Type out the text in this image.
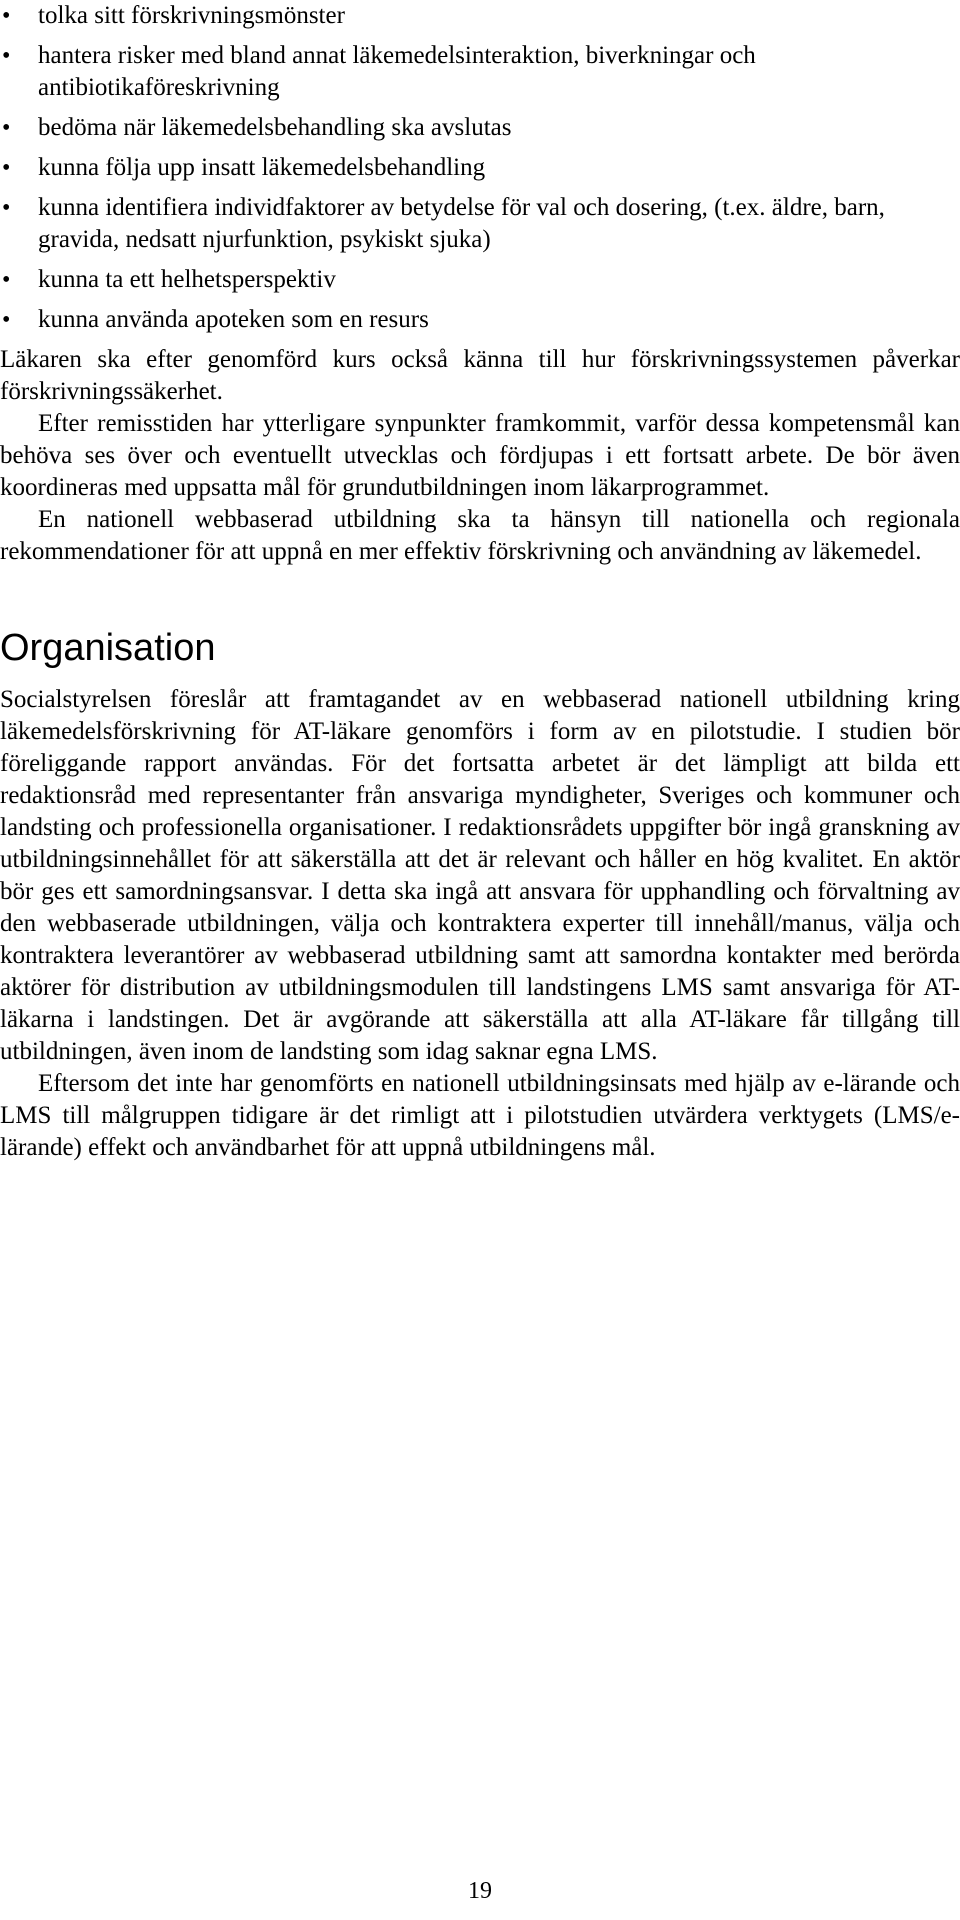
• tolka sitt förskrivningsmönster
• hantera risker med bland annat läkemedelsinteraktion, biverkningar och antibiotikaföreskrivning
• bedöma när läkemedelsbehandling ska avslutas
• kunna följa upp insatt läkemedelsbehandling
• kunna identifiera individfaktorer av betydelse för val och dosering, (t.ex. äldre, barn, gravida, nedsatt njurfunktion, psykiskt sjuka)
• kunna ta ett helhetsperspektiv
• kunna använda apoteken som en resurs

Läkaren ska efter genomförd kurs också känna till hur förskrivningssystemen påverkar förskrivningssäkerhet.

Efter remisstiden har ytterligare synpunkter framkommit, varför dessa kompetensmål kan behöva ses över och eventuellt utvecklas och fördjupas i ett fortsatt arbete. De bör även koordineras med uppsatta mål för grundutbildningen inom läkarprogrammet.

En nationell webbaserad utbildning ska ta hänsyn till nationella och regionala rekommendationer för att uppnå en mer effektiv förskrivning och användning av läkemedel.

Organisation

Socialstyrelsen föreslår att framtagandet av en webbaserad nationell utbildning kring läkemedelsförskrivning för AT-läkare genomförs i form av en pilotstudie. I studien bör föreliggande rapport användas. För det fortsatta arbetet är det lämpligt att bilda ett redaktionsråd med representanter från ansvariga myndigheter, Sveriges och kommuner och landsting och professionella organisationer. I redaktionsrådets uppgifter bör ingå granskning av utbildningsinnehållet för att säkerställa att det är relevant och håller en hög kvalitet. En aktör bör ges ett samordningsansvar. I detta ska ingå att ansvara för upphandling och förvaltning av den webbaserade utbildningen, välja och kontraktera experter till innehåll/manus, välja och kontraktera leverantörer av webbaserad utbildning samt att samordna kontakter med berörda aktörer för distribution av utbildningsmodulen till landstingens LMS samt ansvariga för AT-läkarna i landstingen. Det är avgörande att säkerställa att alla AT-läkare får tillgång till utbildningen, även inom de landsting som idag saknar egna LMS.

Eftersom det inte har genomförts en nationell utbildningsinsats med hjälp av e-lärande och LMS till målgruppen tidigare är det rimligt att i pilotstudien utvärdera verktygets (LMS/e-lärande) effekt och användbarhet för att uppnå utbildningens mål.

19
